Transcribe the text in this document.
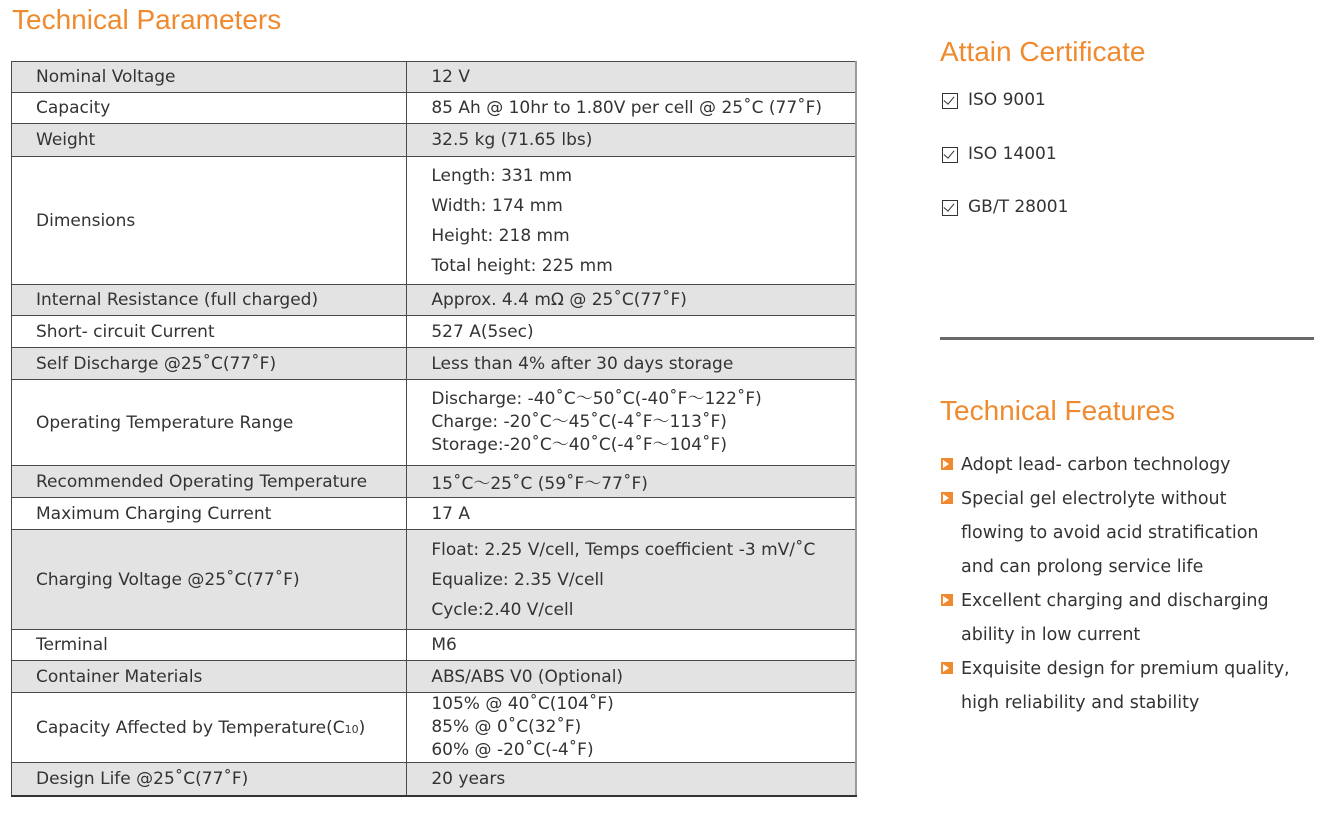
Technical Parameters
Nominal Voltage	12 V

Capacity	85 Ah @ 10hr to 1.80V per cell @ 25˚C (77˚F)

Weight	32.5 kg (71.65 lbs)

Dimensions	Length: 331 mm
Width: 174 mm
Height: 218 mm
Total height: 225 mm

Internal Resistance (full charged)	Approx. 4.4 mΩ @ 25˚C(77˚F)

Short- circuit Current	527 A(5sec)

Self Discharge @25˚C(77˚F)	Less than 4% after 30 days storage

Operating Temperature Range	Discharge: -40˚C～50˚C(-40˚F～122˚F)
Charge: -20˚C～45˚C(-4˚F～113˚F)
Storage:-20˚C～40˚C(-4˚F～104˚F)

Recommended Operating Temperature	15˚C～25˚C (59˚F～77˚F)

Maximum Charging Current	17 A

Charging Voltage @25˚C(77˚F)	Float: 2.25 V/cell, Temps coefficient -3 mV/˚C
Equalize: 2.35 V/cell
Cycle:2.40 V/cell

Terminal	M6

Container Materials	ABS/ABS V0 (Optional)

Capacity Affected by Temperature(C10)	105% @ 40˚C(104˚F)
85% @ 0˚C(32˚F)
60% @ -20˚C(-4˚F)

Design Life @25˚C(77˚F)	20 years
Attain Certificate
ISO 9001
ISO 14001
GB/T 28001
Technical Features
Adopt lead- carbon technology
Special gel electrolyte without
flowing to avoid acid stratification
and can prolong service life
Excellent charging and discharging
ability in low current
Exquisite design for premium quality,
high reliability and stability
